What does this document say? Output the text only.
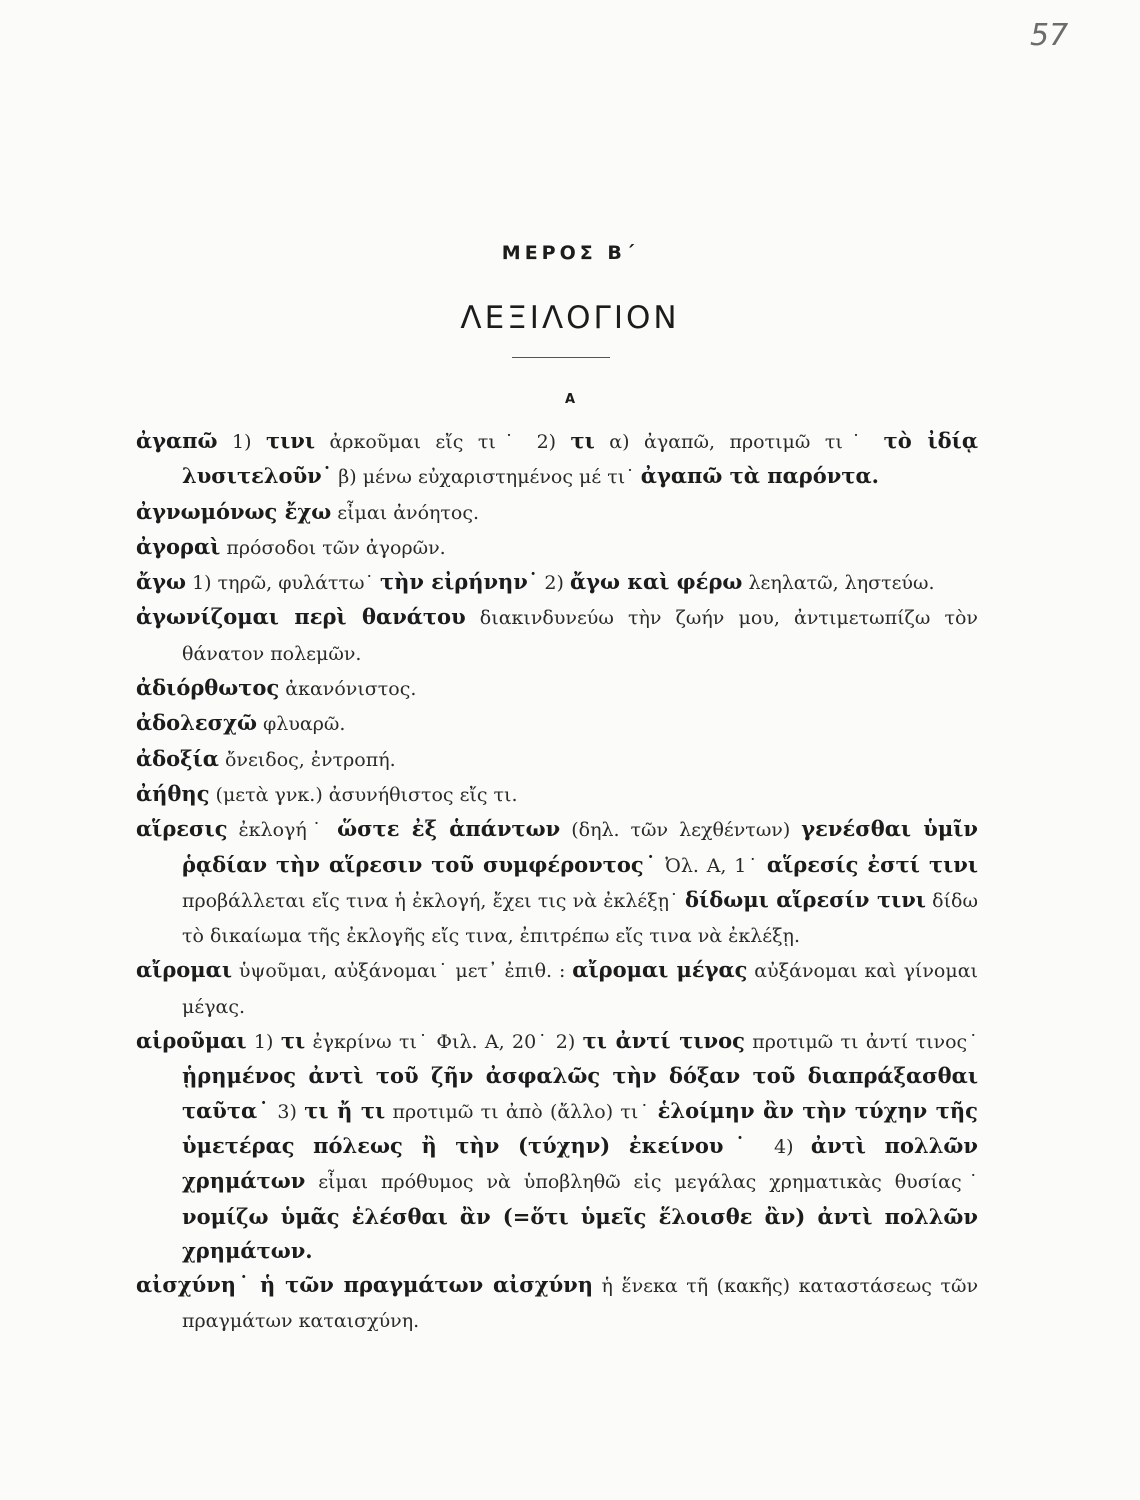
57
ΜΕΡΟΣ Β΄
ΛΕΞΙΛΟΓΙΟΝ
Α

ἀγαπῶ 1) τινι ἀρκοῦμαι εἴς τι˙ 2) τι α) ἀγαπῶ, προτιμῶ τι˙ τὸ ἰδίᾳ λυσιτελοῦν˙ β) μένω εὐχαριστημένος μέ τι˙ ἀγαπῶ τὰ παρόντα.

ἀγνωμόνως ἔχω εἶμαι ἀνόητος.

ἀγοραὶ πρόσοδοι τῶν ἀγορῶν.

ἄγω 1) τηρῶ, φυλάττω˙ τὴν εἰρήνην˙ 2) ἄγω καὶ φέρω λεηλατῶ, ληστεύω.

ἀγωνίζομαι περὶ θανάτου διακινδυνεύω τὴν ζωήν μου, ἀντιμετωπίζω τὸν θάνατον πολεμῶν.

ἀδιόρθωτος ἀκανόνιστος.

ἀδολεσχῶ φλυαρῶ.

ἀδοξία ὄνειδος, ἐντροπή.

ἀήθης (μετὰ γνκ.) ἀσυνήθιστος εἴς τι.

αἵρεσις ἐκλογή˙ ὥστε ἐξ ἁπάντων (δηλ. τῶν λεχθέντων) γενέσθαι ὑμῖν ῥᾳδίαν τὴν αἵρεσιν τοῦ συμφέροντος˙ Ὀλ. Α, 1˙ αἵρεσίς ἐστί τινι προβάλλεται εἴς τινα ἡ ἐκλογή, ἔχει τις νὰ ἐκλέξῃ˙ δίδωμι αἵρεσίν τινι δίδω τὸ δικαίωμα τῆς ἐκλογῆς εἴς τινα, ἐπιτρέπω εἴς τινα νὰ ἐκλέξῃ.

αἴρομαι ὑψοῦμαι, αὐξάνομαι˙ μετ᾽ ἐπιθ. : αἴρομαι μέγας αὐξάνομαι καὶ γίνομαι μέγας.

αἱροῦμαι 1) τι ἐγκρίνω τι˙ Φιλ. Α, 20˙ 2) τι ἀντί τινος προτιμῶ τι ἀντί τινος˙ ᾑρημένος ἀντὶ τοῦ ζῆν ἀσφαλῶς τὴν δόξαν τοῦ διαπράξασθαι ταῦτα˙ 3) τι ἤ τι προτιμῶ τι ἀπὸ (ἄλλο) τι˙ ἑλοίμην ἂν τὴν τύχην τῆς ὑμετέρας πόλεως ἢ τὴν (τύχην) ἐκείνου˙ 4) ἀντὶ πολλῶν χρημάτων εἶμαι πρόθυμος νὰ ὑποβληθῶ εἰς μεγάλας χρηματικὰς θυσίας˙ νομίζω ὑμᾶς ἑλέσθαι ἂν (=ὅτι ὑμεῖς ἕλοισθε ἂν) ἀντὶ πολλῶν χρημάτων.

αἰσχύνη˙ ἡ τῶν πραγμάτων αἰσχύνη ἡ ἕνεκα τῆ (κακῆς) καταστάσεως τῶν πραγμάτων καταισχύνη.
